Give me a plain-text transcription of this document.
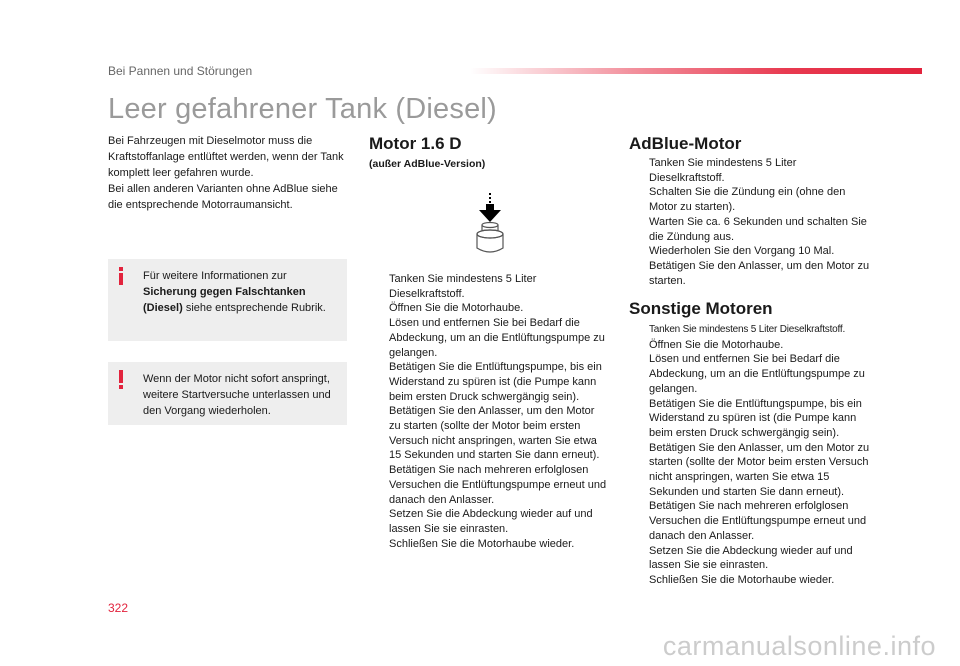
Bei Pannen und Störungen
Leer gefahrener Tank (Diesel)

Bei Fahrzeugen mit Dieselmotor muss die Kraftstoffanlage entlüftet werden, wenn der Tank komplett leer gefahren wurde.

Bei allen anderen Varianten ohne AdBlue siehe die entsprechende Motorraumansicht.

Für weitere Informationen zur Sicherung gegen Falschtanken (Diesel) siehe entsprechende Rubrik.
Wenn der Motor nicht sofort anspringt, weitere Startversuche unterlassen und den Vorgang wiederholen.
Motor 1.6 D
(außer AdBlue-Version)
Tanken Sie mindestens 5 Liter Dieselkraftstoff.
Öffnen Sie die Motorhaube.
Lösen und entfernen Sie bei Bedarf die Abdeckung, um an die Entlüftungspumpe zu gelangen.
Betätigen Sie die Entlüftungspumpe, bis ein Widerstand zu spüren ist (die Pumpe kann beim ersten Druck schwergängig sein).
Betätigen Sie den Anlasser, um den Motor zu starten (sollte der Motor beim ersten Versuch nicht anspringen, warten Sie etwa 15 Sekunden und starten Sie dann erneut).
Betätigen Sie nach mehreren erfolglosen Versuchen die Entlüftungspumpe erneut und danach den Anlasser.
Setzen Sie die Abdeckung wieder auf und lassen Sie sie einrasten.
Schließen Sie die Motorhaube wieder.
AdBlue-Motor
Tanken Sie mindestens 5 Liter Dieselkraftstoff.
Schalten Sie die Zündung ein (ohne den Motor zu starten).
Warten Sie ca. 6 Sekunden und schalten Sie die Zündung aus.
Wiederholen Sie den Vorgang 10 Mal.
Betätigen Sie den Anlasser, um den Motor zu starten.
Sonstige Motoren
Tanken Sie mindestens 5 Liter Dieselkraftstoff.
Öffnen Sie die Motorhaube.
Lösen und entfernen Sie bei Bedarf die Abdeckung, um an die Entlüftungspumpe zu gelangen.
Betätigen Sie die Entlüftungspumpe, bis ein Widerstand zu spüren ist (die Pumpe kann beim ersten Druck schwergängig sein).
Betätigen Sie den Anlasser, um den Motor zu starten (sollte der Motor beim ersten Versuch nicht anspringen, warten Sie etwa 15 Sekunden und starten Sie dann erneut).
Betätigen Sie nach mehreren erfolglosen Versuchen die Entlüftungspumpe erneut und danach den Anlasser.
Setzen Sie die Abdeckung wieder auf und lassen Sie sie einrasten.
Schließen Sie die Motorhaube wieder.
322
carmanualsonline.info
